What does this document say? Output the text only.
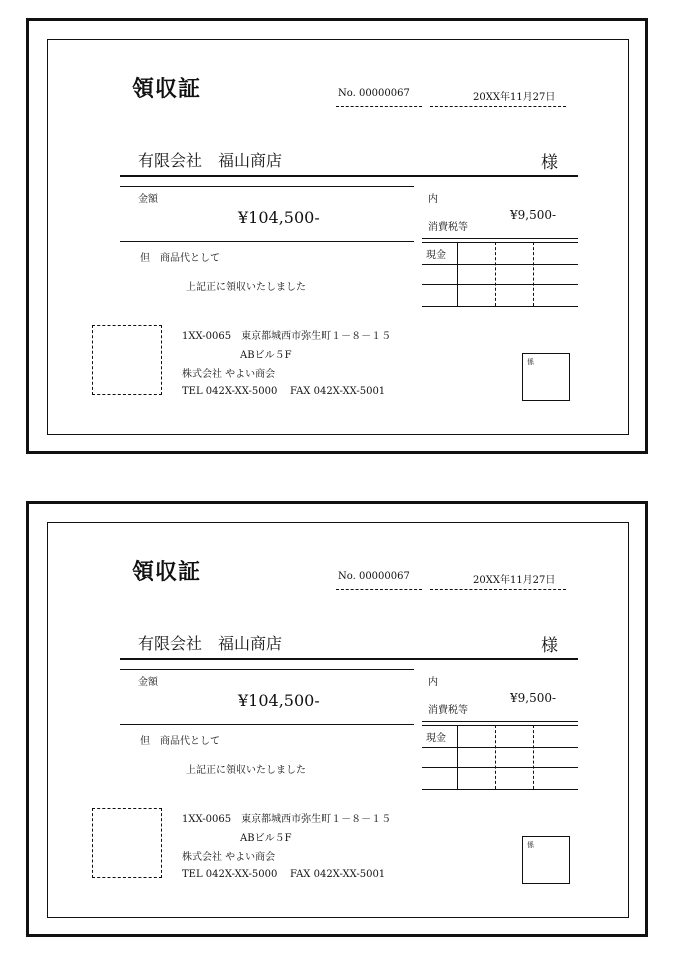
領収証	No. 00000067	20XX年11月27日
有限会社　福山商店	様
金額
¥104,500-
内
消費税等
¥9,500-
現金
但　商品代として
上記正に領収いたしました
1XX-0065　東京都城西市弥生町１－８－１５
ABビル５F
株式会社 やよい商会
TEL 042X-XX-5000 FAX 042X-XX-5001
係
領収証	No. 00000067	20XX年11月27日
有限会社　福山商店	様
金額
¥104,500-
内
消費税等
¥9,500-
現金
但　商品代として
上記正に領収いたしました
1XX-0065　東京都城西市弥生町１－８－１５
ABビル５F
株式会社 やよい商会
TEL 042X-XX-5000 FAX 042X-XX-5001
係
